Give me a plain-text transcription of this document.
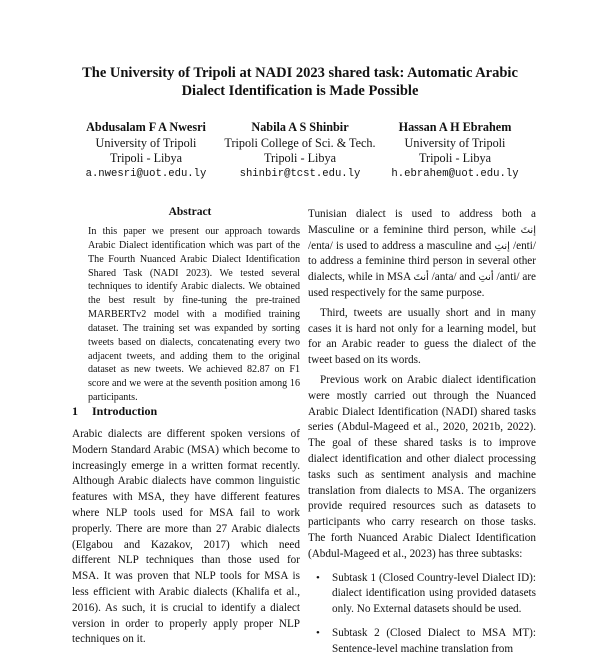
The University of Tripoli at NADI 2023 shared task: Automatic Arabic Dialect Identification is Made Possible
Abdusalam F A Nwesri
University of Tripoli
Tripoli - Libya
a.nwesri@uot.edu.ly
Nabila A S Shinbir
Tripoli College of Sci. & Tech.
Tripoli - Libya
shinbir@tcst.edu.ly
Hassan A H Ebrahem
University of Tripoli
Tripoli - Libya
h.ebrahem@uot.edu.ly
Abstract
In this paper we present our approach towards Arabic Dialect identification which was part of the The Fourth Nuanced Arabic Dialect Identification Shared Task (NADI 2023). We tested several techniques to identify Arabic dialects. We obtained the best result by fine-tuning the pre-trained MARBERTv2 model with a modified training dataset. The training set was expanded by sorting tweets based on dialects, concatenating every two adjacent tweets, and adding them to the original dataset as new tweets. We achieved 82.87 on F1 score and we were at the seventh position among 16 participants.
1 Introduction
Arabic dialects are different spoken versions of Modern Standard Arabic (MSA) which become to increasingly emerge in a written format recently. Although Arabic dialects have common linguistic features with MSA, they have different features where NLP tools used for MSA fail to work properly. There are more than 27 Arabic dialects (Elgabou and Kazakov, 2017) which need different NLP techniques than those used for MSA. It was proven that NLP tools for MSA is less efficient with Arabic dialects (Khalifa et al., 2016). As such, it is crucial to identify a dialect version in order to properly apply proper NLP techniques on it.

Tunisian dialect is used to address both a Masculine or a feminine third person, while إنتَ /enta/ is used to address a masculine and إنتِ /enti/ to address a feminine third person in several other dialects, while in MSA أنتَ /anta/ and أنتِ /anti/ are used respectively for the same purpose.

Third, tweets are usually short and in many cases it is hard not only for a learning model, but for an Arabic reader to guess the dialect of the tweet based on its words.

Previous work on Arabic dialect identification were mostly carried out through the Nuanced Arabic Dialect Identification (NADI) shared tasks series (Abdul-Mageed et al., 2020, 2021b, 2022). The goal of these shared tasks is to improve dialect identification and other dialect processing tasks such as sentiment analysis and machine translation from dialects to MSA. The organizers provide required resources such as datasets to participants who carry research on those tasks. The forth Nuanced Arabic Dialect Identification (Abdul-Mageed et al., 2023) has three subtasks:

• Subtask 1 (Closed Country-level Dialect ID): dialect identification using provided datasets only. No External datasets should be used.
• Subtask 2 (Closed Dialect to MSA MT): Sentence-level machine translation from
